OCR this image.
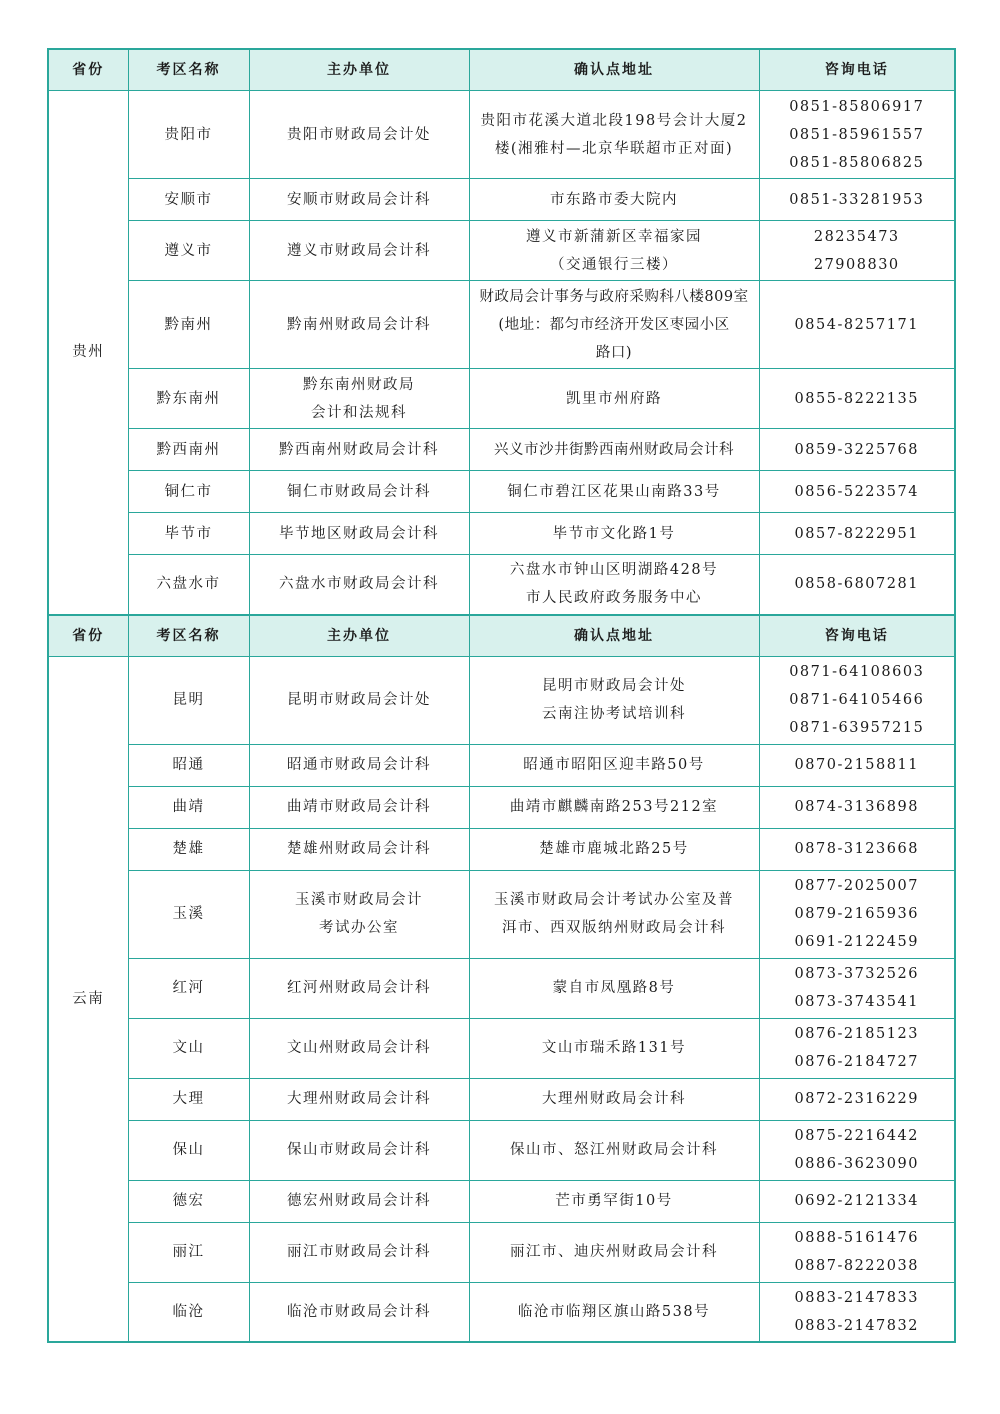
省份	考区名称	主办单位	确认点地址	咨询电话
贵州	贵阳市	贵阳市财政局会计处	贵阳市花溪大道北段198号会计大厦2
楼(湘雅村—北京华联超市正对面)	0851-85806917
0851-85961557
0851-85806825
	安顺市	安顺市财政局会计科	市东路市委大院内	0851-33281953
	遵义市	遵义市财政局会计科	遵义市新蒲新区幸福家园
（交通银行三楼）	28235473
27908830
	黔南州	黔南州财政局会计科	财政局会计事务与政府采购科八楼809室
(地址：都匀市经济开发区枣园小区
路口)	0854-8257171
	黔东南州	黔东南州财政局
会计和法规科	凯里市州府路	0855-8222135
	黔西南州	黔西南州财政局会计科	兴义市沙井街黔西南州财政局会计科	0859-3225768
	铜仁市	铜仁市财政局会计科	铜仁市碧江区花果山南路33号	0856-5223574
	毕节市	毕节地区财政局会计科	毕节市文化路1号	0857-8222951
	六盘水市	六盘水市财政局会计科	六盘水市钟山区明湖路428号
市人民政府政务服务中心	0858-6807281
省份	考区名称	主办单位	确认点地址	咨询电话
云南	昆明	昆明市财政局会计处	昆明市财政局会计处
云南注协考试培训科	0871-64108603
0871-64105466
0871-63957215
	昭通	昭通市财政局会计科	昭通市昭阳区迎丰路50号	0870-2158811
	曲靖	曲靖市财政局会计科	曲靖市麒麟南路253号212室	0874-3136898
	楚雄	楚雄州财政局会计科	楚雄市鹿城北路25号	0878-3123668
	玉溪	玉溪市财政局会计
考试办公室	玉溪市财政局会计考试办公室及普
洱市、西双版纳州财政局会计科	0877-2025007
0879-2165936
0691-2122459
	红河	红河州财政局会计科	蒙自市凤凰路8号	0873-3732526
0873-3743541
	文山	文山州财政局会计科	文山市瑞禾路131号	0876-2185123
0876-2184727
	大理	大理州财政局会计科	大理州财政局会计科	0872-2316229
	保山	保山市财政局会计科	保山市、怒江州财政局会计科	0875-2216442
0886-3623090
	德宏	德宏州财政局会计科	芒市勇罕街10号	0692-2121334
	丽江	丽江市财政局会计科	丽江市、迪庆州财政局会计科	0888-5161476
0887-8222038
	临沧	临沧市财政局会计科	临沧市临翔区旗山路538号	0883-2147833
0883-2147832
